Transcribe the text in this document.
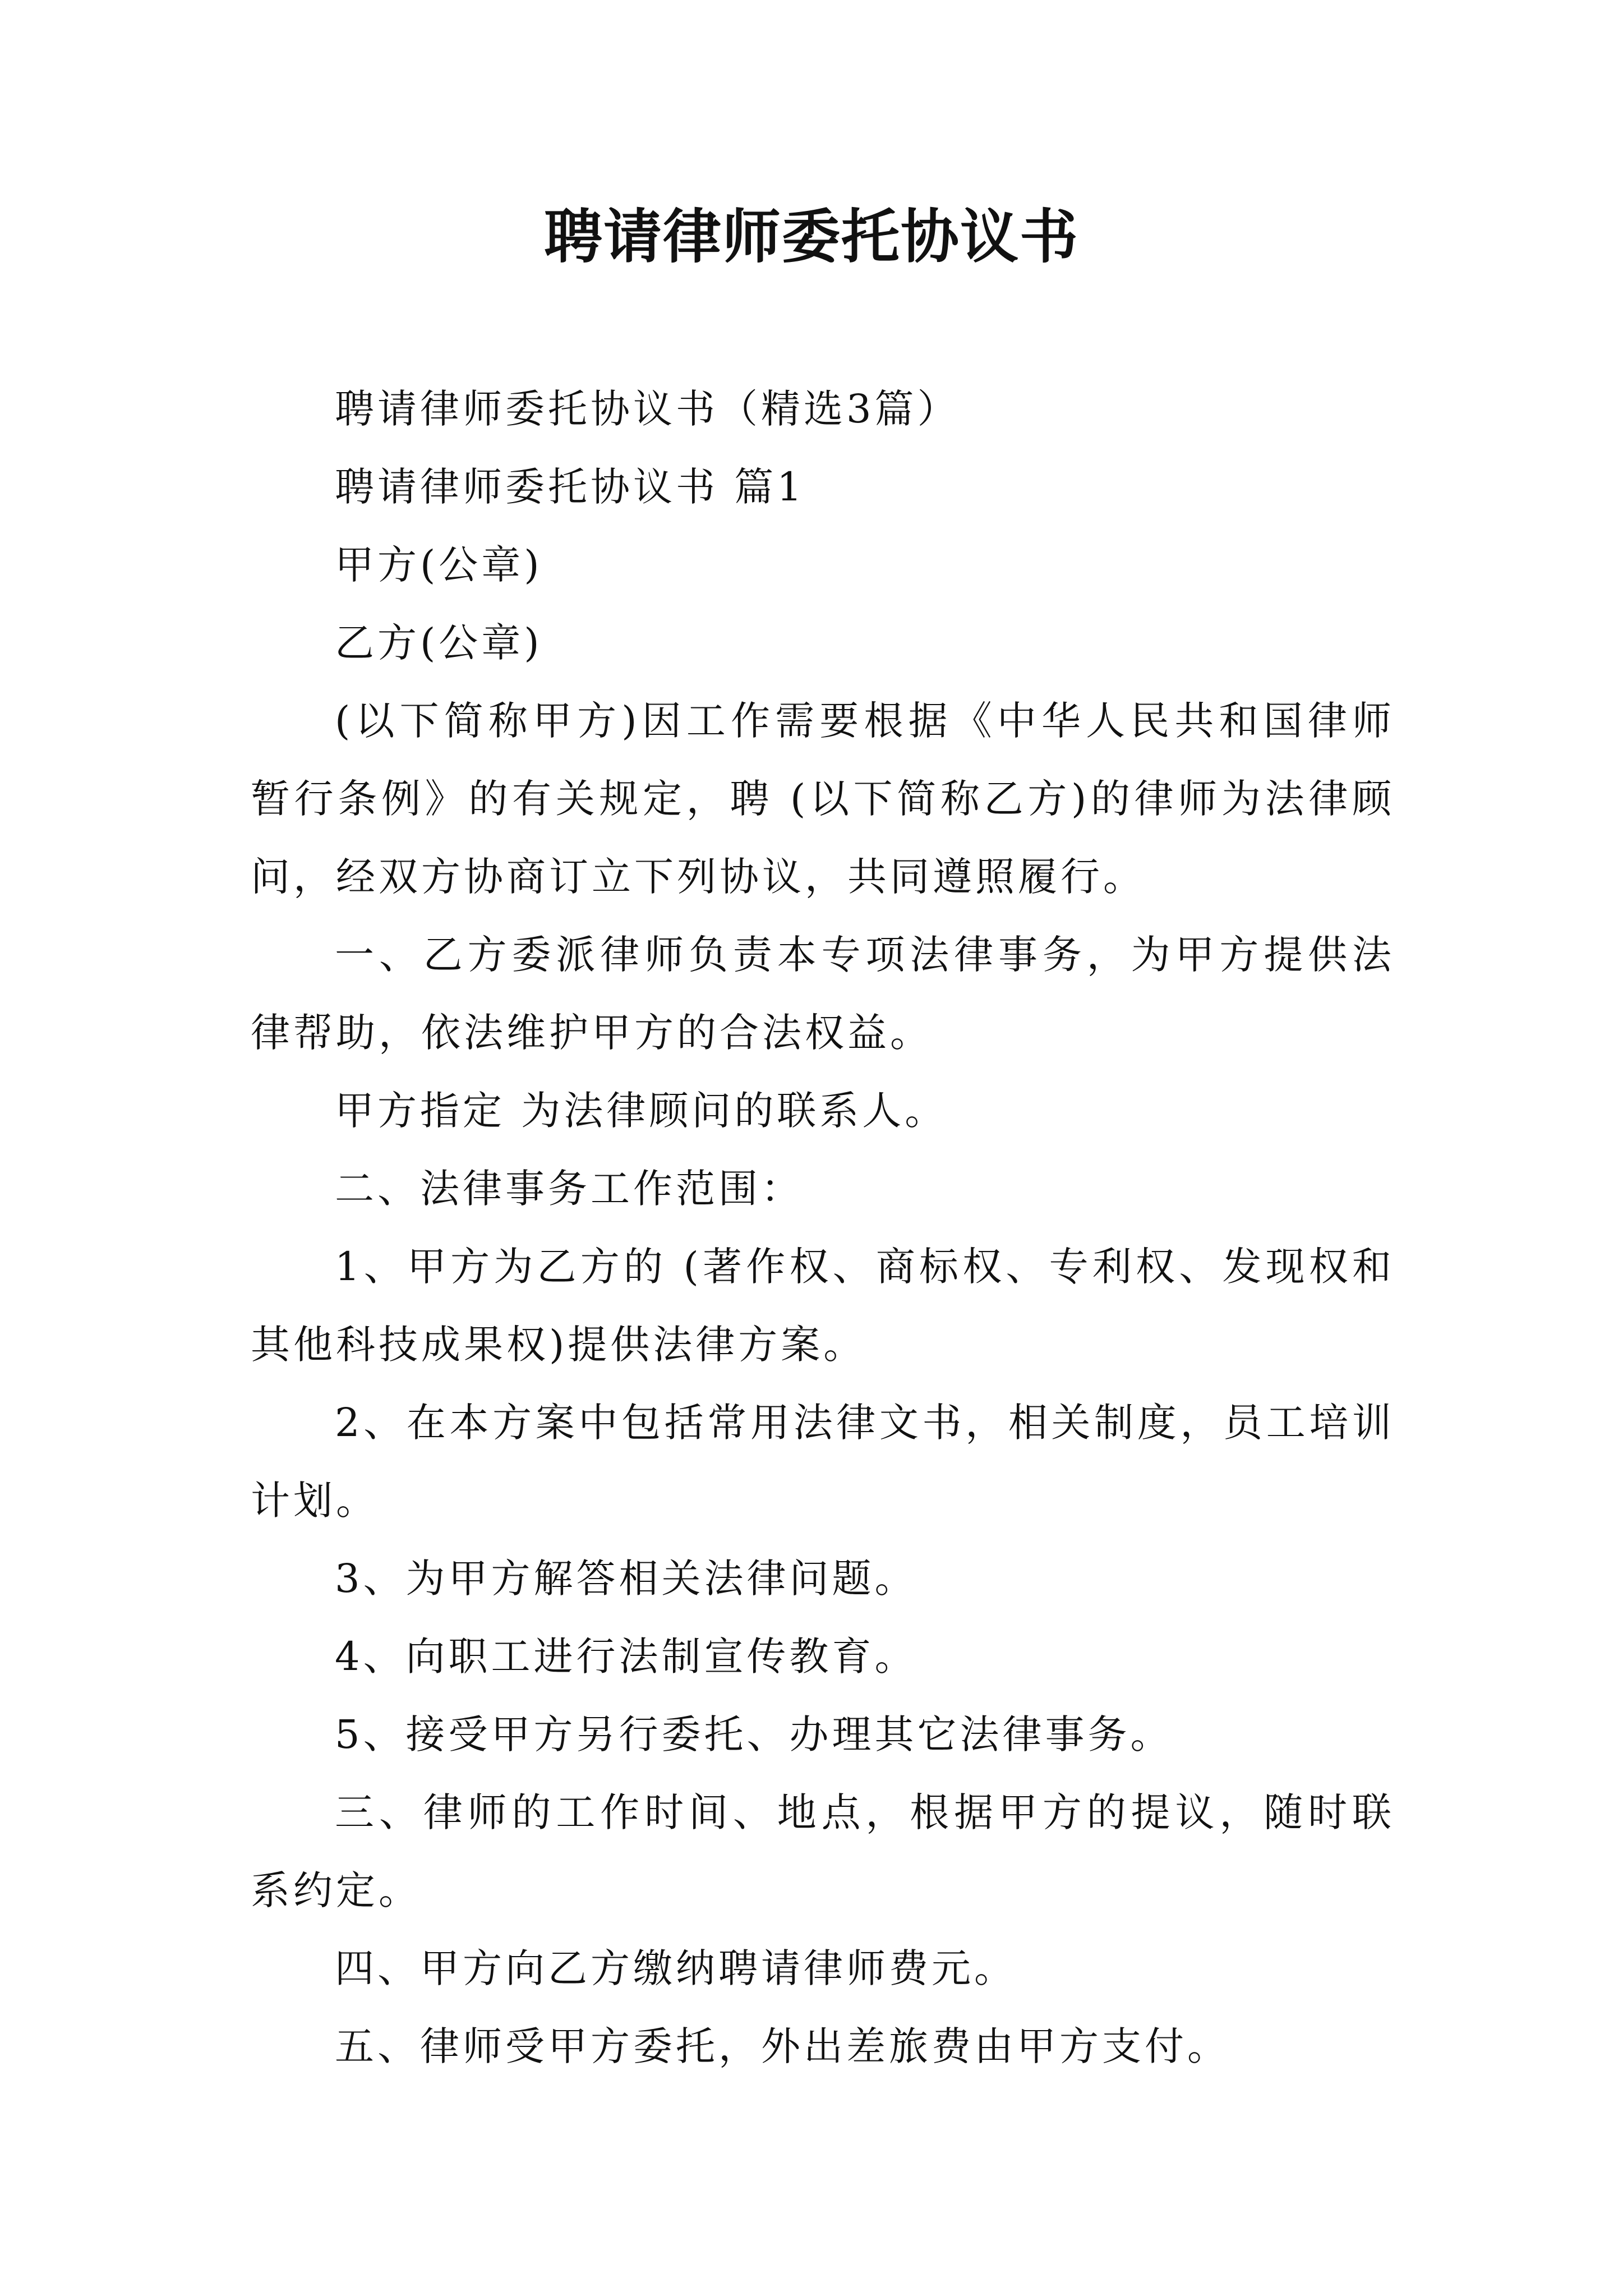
聘请律师委托协议书

聘请律师委托协议书（精选3篇）

聘请律师委托协议书 篇1

甲方(公章)

乙方(公章)

(以下简称甲方)因工作需要根据《中华人民共和国律师暂行条例》的有关规定，聘 (以下简称乙方)的律师为法律顾问，经双方协商订立下列协议，共同遵照履行。

一、乙方委派律师负责本专项法律事务，为甲方提供法律帮助，依法维护甲方的合法权益。

甲方指定 为法律顾问的联系人。

二、法律事务工作范围：

1、甲方为乙方的 (著作权、商标权、专利权、发现权和其他科技成果权)提供法律方案。

2、在本方案中包括常用法律文书，相关制度，员工培训计划。

3、为甲方解答相关法律问题。

4、向职工进行法制宣传教育。

5、接受甲方另行委托、办理其它法律事务。

三、律师的工作时间、地点，根据甲方的提议，随时联系约定。

四、甲方向乙方缴纳聘请律师费元。

五、律师受甲方委托，外出差旅费由甲方支付。
